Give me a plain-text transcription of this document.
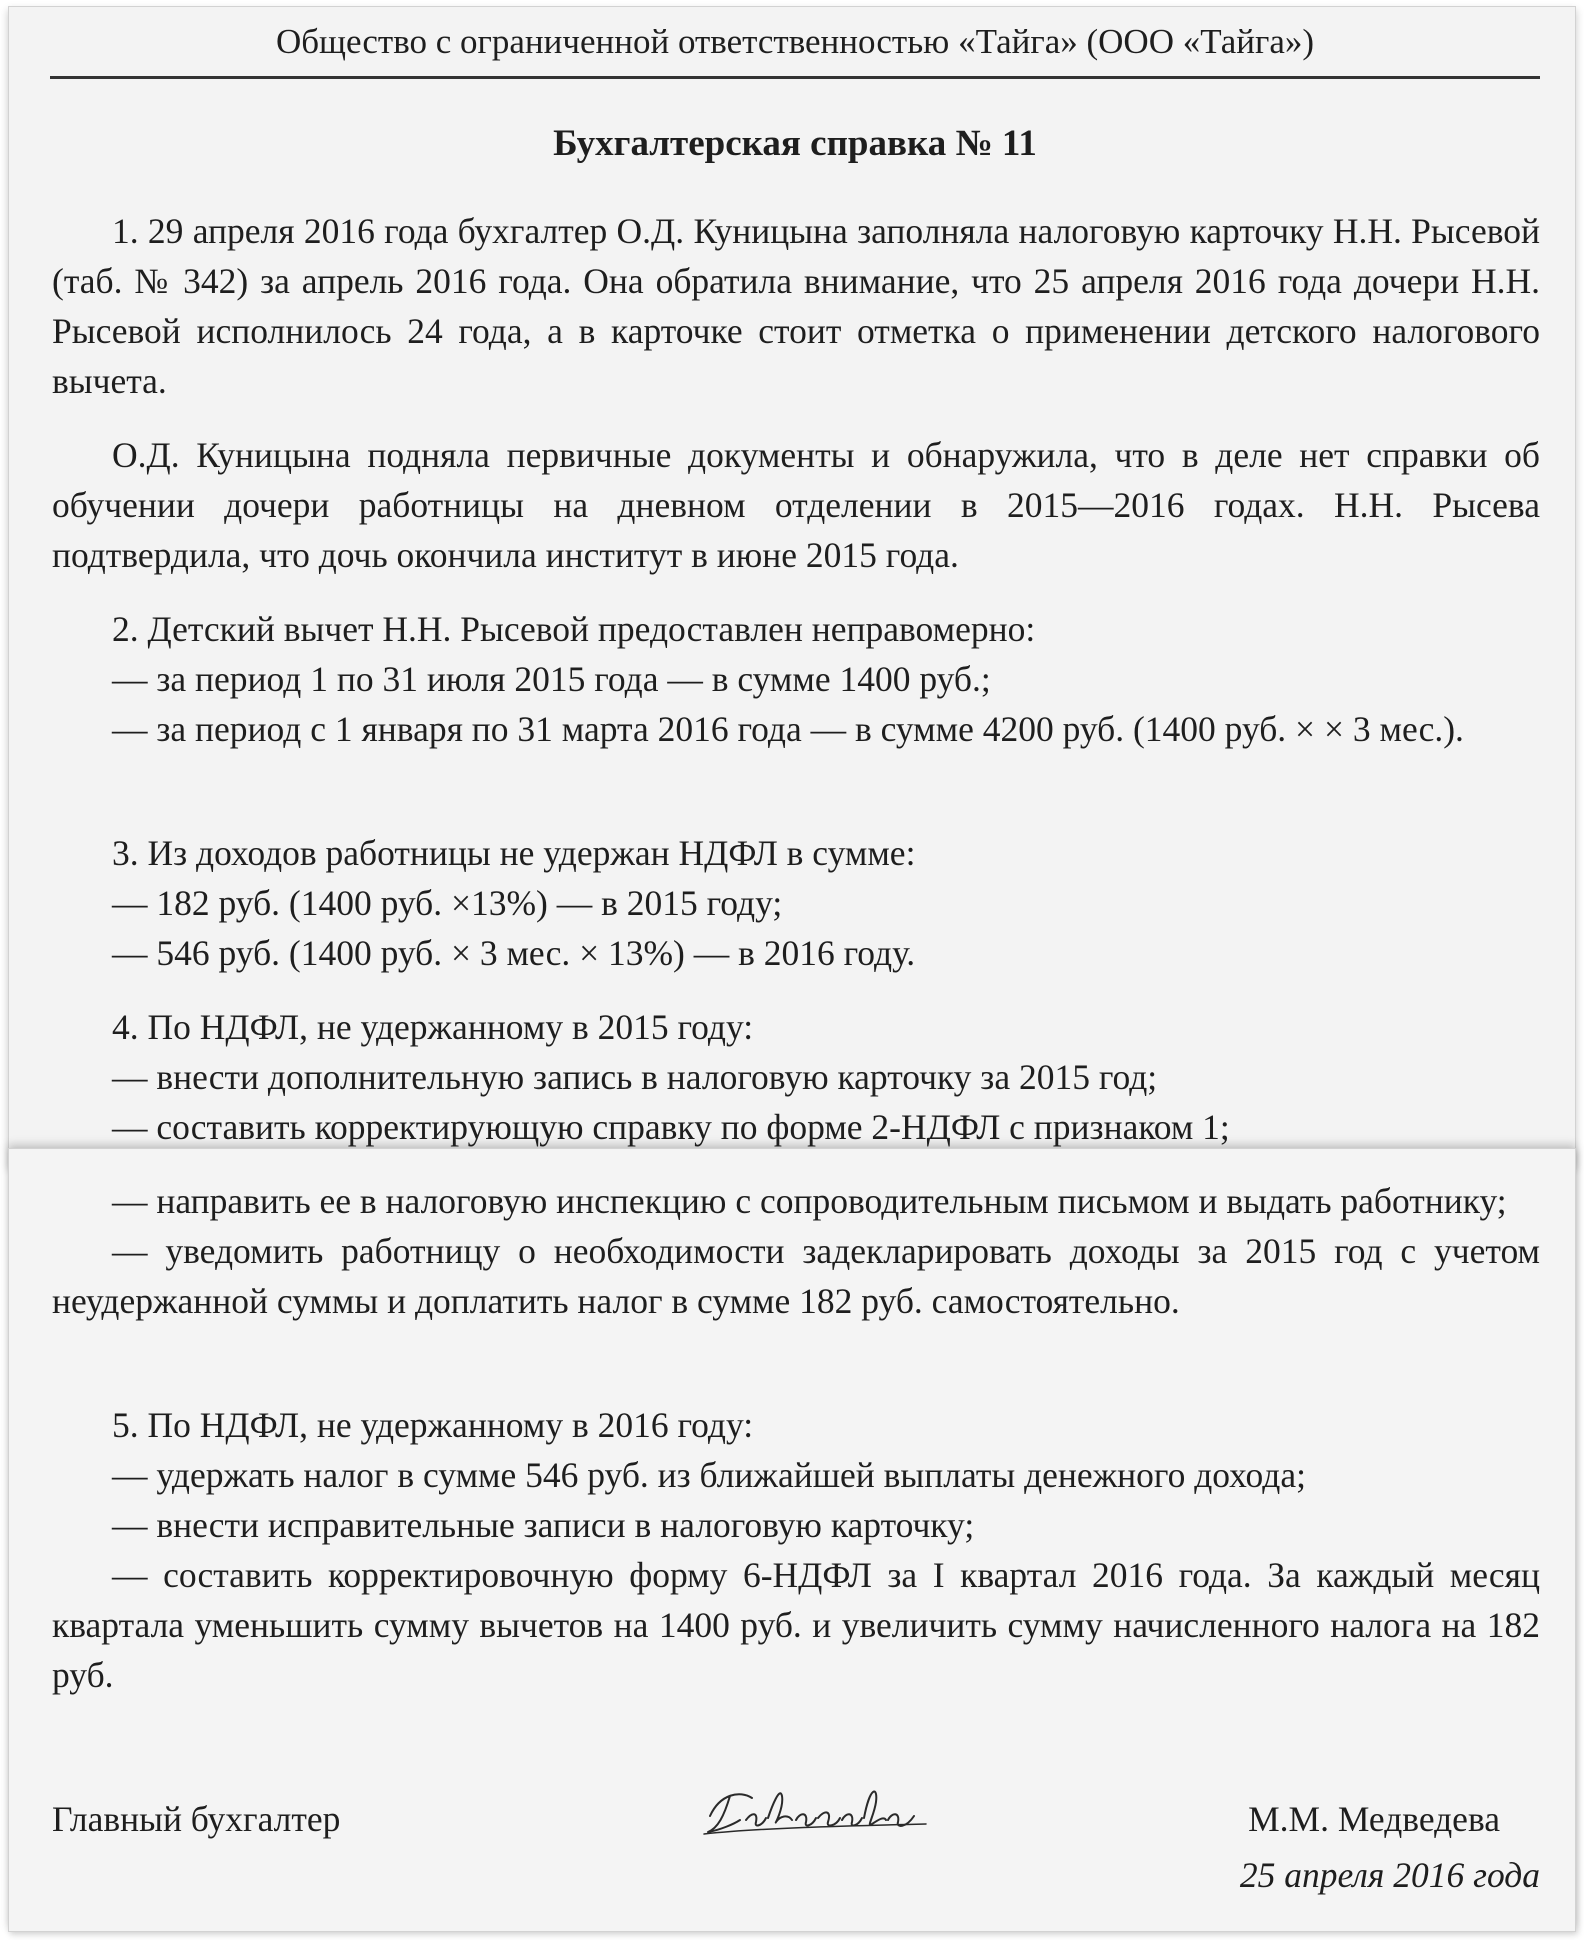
Общество с ограниченной ответственностью «Тайга» (ООО «Тайга»)
Бухгалтерская справка № 11

1. 29 апреля 2016 года бухгалтер О.Д. Куницына заполняла налоговую карточку Н.Н. Рысевой (таб. № 342) за апрель 2016 года. Она обратила внимание, что 25 апреля 2016 года дочери Н.Н. Рысевой исполнилось 24 года, а в карточке стоит отметка о применении детского налогового вычета.

О.Д. Куницына подняла первичные документы и обнаружила, что в деле нет справки об обучении дочери работницы на дневном отделении в 2015—2016 годах. Н.Н. Рысева подтвердила, что дочь окончила институт в июне 2015 года.

2. Детский вычет Н.Н. Рысевой предоставлен неправомерно:
— за период 1 по 31 июля 2015 года — в сумме 1400 руб.;
— за период с 1 января по 31 марта 2016 года — в сумме 4200 руб. (1400 руб. × × 3 мес.).
3. Из доходов работницы не удержан НДФЛ в сумме:
— 182 руб. (1400 руб. ×13%) — в 2015 году;
— 546 руб. (1400 руб. × 3 мес. × 13%) — в 2016 году.
4. По НДФЛ, не удержанному в 2015 году:
— внести дополнительную запись в налоговую карточку за 2015 год;
— составить корректирующую справку по форме 2-НДФЛ с признаком 1;
— направить ее в налоговую инспекцию с сопроводительным письмом и выдать работнику;
— уведомить работницу о необходимости задекларировать доходы за 2015 год с учетом неудержанной суммы и доплатить налог в сумме 182 руб. самостоятельно.
5. По НДФЛ, не удержанному в 2016 году:
— удержать налог в сумме 546 руб. из ближайшей выплаты денежного дохода;
— внести исправительные записи в налоговую карточку;
— составить корректировочную форму 6-НДФЛ за I квартал 2016 года. За каждый месяц квартала уменьшить сумму вычетов на 1400 руб. и увеличить сумму начисленного налога на 182 руб.
Главный бухгалтер	М.М. Медведева
25 апреля 2016 года
